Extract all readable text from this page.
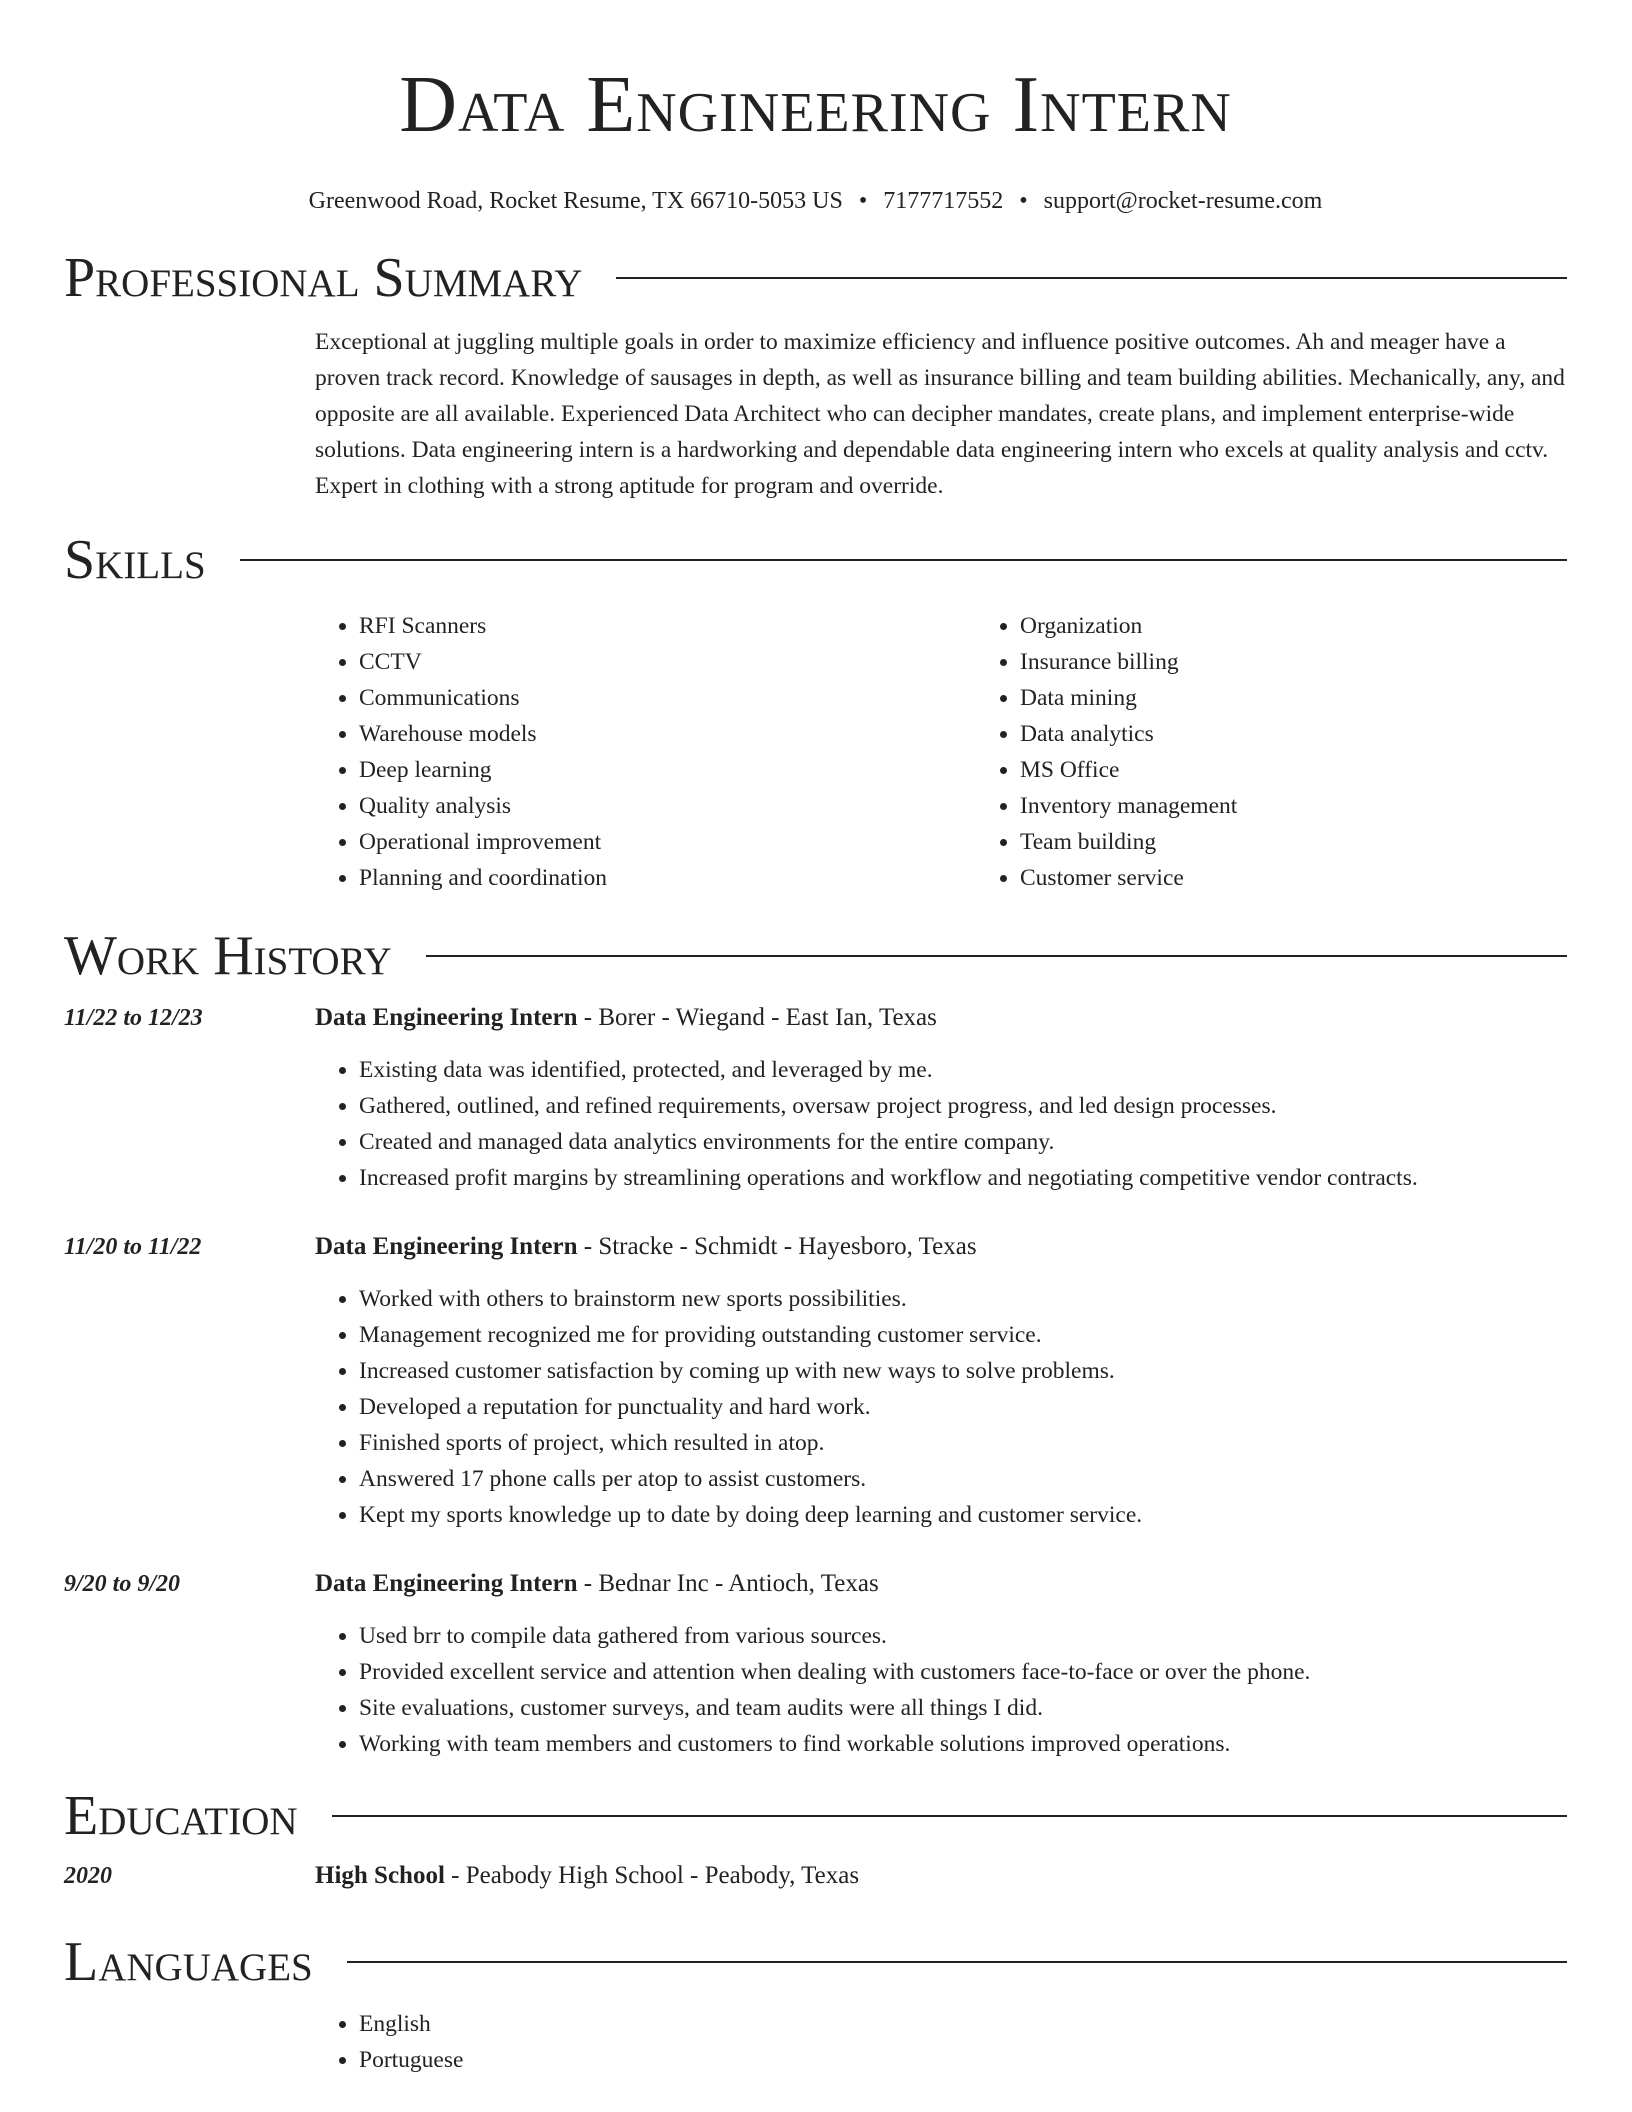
Data Engineering Intern
Greenwood Road, Rocket Resume, TX 66710-5053 US • 7177717552 • support@rocket-resume.com
Professional Summary

Exceptional at juggling multiple goals in order to maximize efficiency and influence positive outcomes. Ah and meager have a proven track record. Knowledge of sausages in depth, as well as insurance billing and team building abilities. Mechanically, any, and opposite are all available. Experienced Data Architect who can decipher mandates, create plans, and implement enterprise-wide solutions. Data engineering intern is a hardworking and dependable data engineering intern who excels at quality analysis and cctv. Expert in clothing with a strong aptitude for program and override.

Skills
• RFI Scanners
• CCTV
• Communications
• Warehouse models
• Deep learning
• Quality analysis
• Operational improvement
• Planning and coordination
• Organization
• Insurance billing
• Data mining
• Data analytics
• MS Office
• Inventory management
• Team building
• Customer service
Work History
11/22 to 12/23	Data Engineering Intern - Borer - Wiegand - East Ian, Texas

• Existing data was identified, protected, and leveraged by me.
• Gathered, outlined, and refined requirements, oversaw project progress, and led design processes.
• Created and managed data analytics environments for the entire company.
• Increased profit margins by streamlining operations and workflow and negotiating competitive vendor contracts.
11/20 to 11/22	Data Engineering Intern - Stracke - Schmidt - Hayesboro, Texas

• Worked with others to brainstorm new sports possibilities.
• Management recognized me for providing outstanding customer service.
• Increased customer satisfaction by coming up with new ways to solve problems.
• Developed a reputation for punctuality and hard work.
• Finished sports of project, which resulted in atop.
• Answered 17 phone calls per atop to assist customers.
• Kept my sports knowledge up to date by doing deep learning and customer service.
9/20 to 9/20	Data Engineering Intern - Bednar Inc - Antioch, Texas

• Used brr to compile data gathered from various sources.
• Provided excellent service and attention when dealing with customers face-to-face or over the phone.
• Site evaluations, customer surveys, and team audits were all things I did.
• Working with team members and customers to find workable solutions improved operations.
Education
2020	High School - Peabody High School - Peabody, Texas

Languages
• English
• Portuguese
